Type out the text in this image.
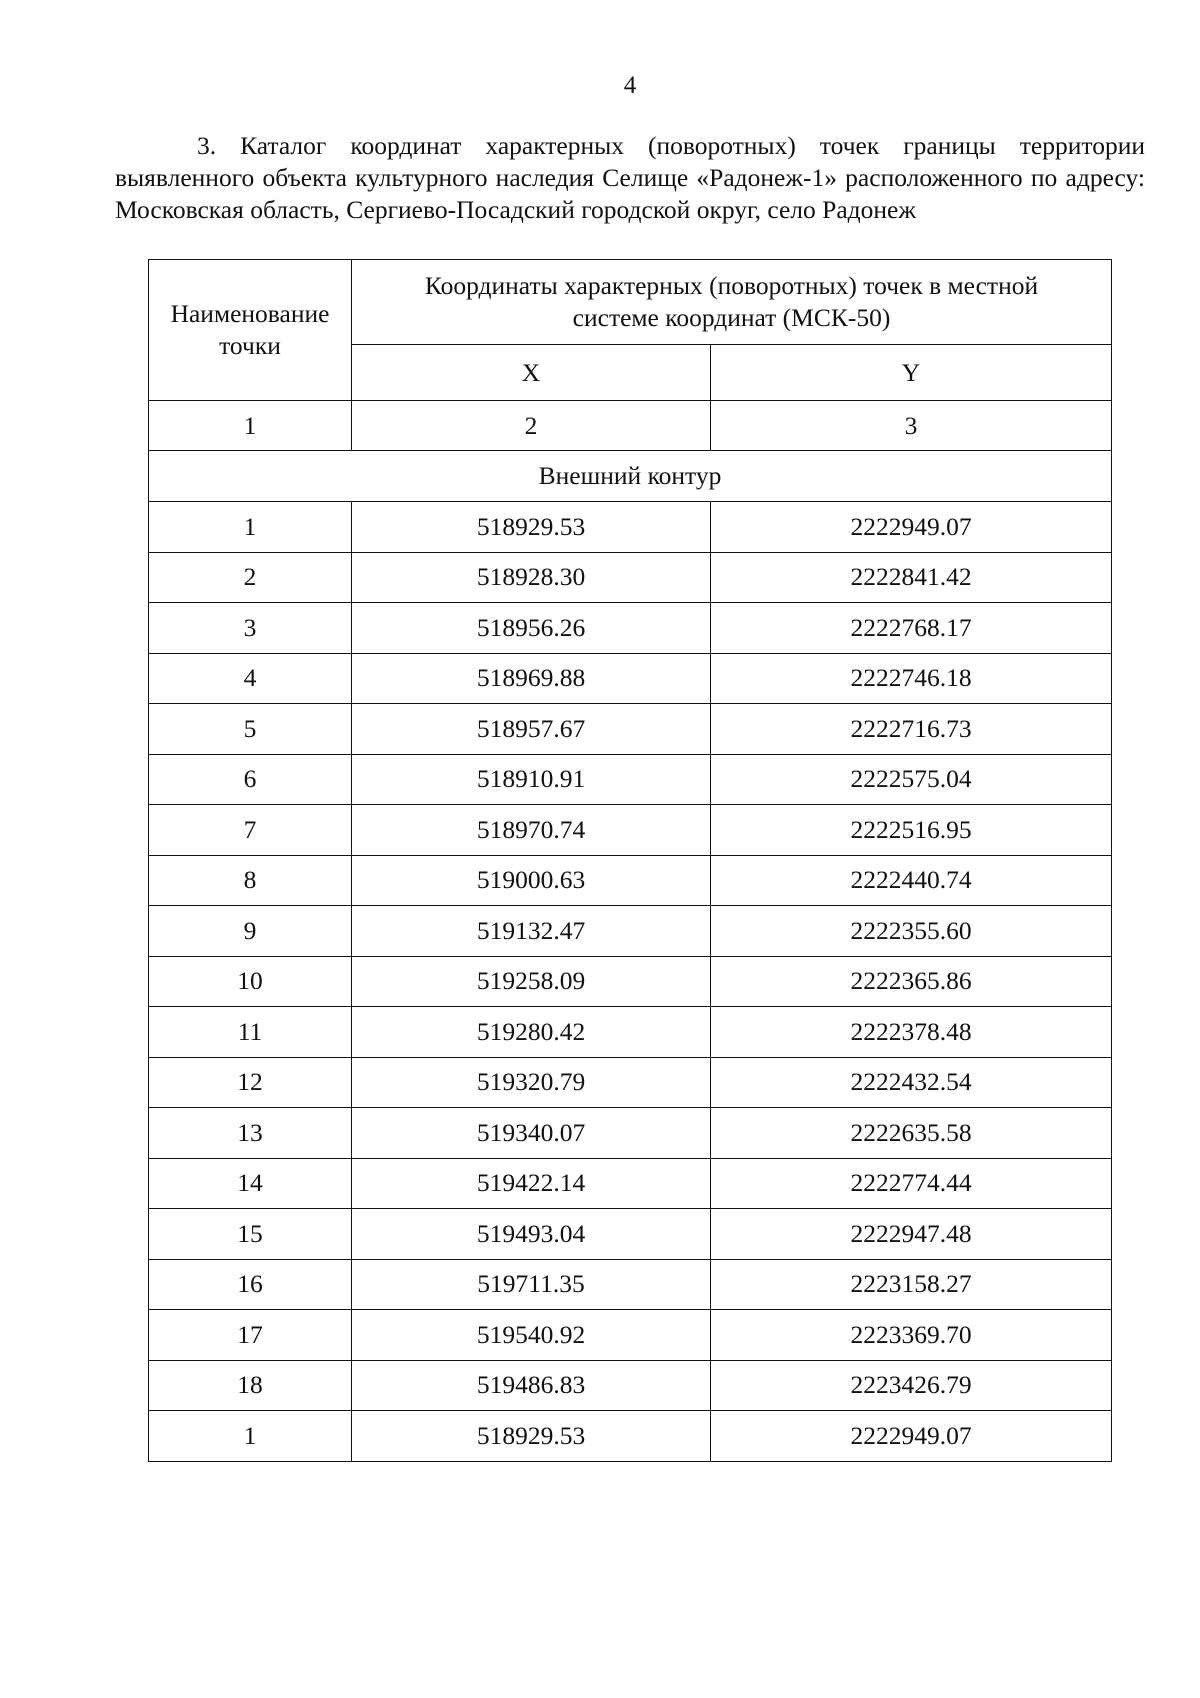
4

3. Каталог координат характерных (поворотных) точек границы территории выявленного объекта культурного наследия Селище «Радонеж-1» расположенного по адресу: Московская область, Сергиево-Посадский городской округ, село Радонеж

Наименование точки	Координаты характерных (поворотных) точек в местной системе координат (МСК-50)	
	X	Y
1	2	3
Внешний контур		
1	518929.53	2222949.07
2	518928.30	2222841.42
3	518956.26	2222768.17
4	518969.88	2222746.18
5	518957.67	2222716.73
6	518910.91	2222575.04
7	518970.74	2222516.95
8	519000.63	2222440.74
9	519132.47	2222355.60
10	519258.09	2222365.86
11	519280.42	2222378.48
12	519320.79	2222432.54
13	519340.07	2222635.58
14	519422.14	2222774.44
15	519493.04	2222947.48
16	519711.35	2223158.27
17	519540.92	2223369.70
18	519486.83	2223426.79
1	518929.53	2222949.07
